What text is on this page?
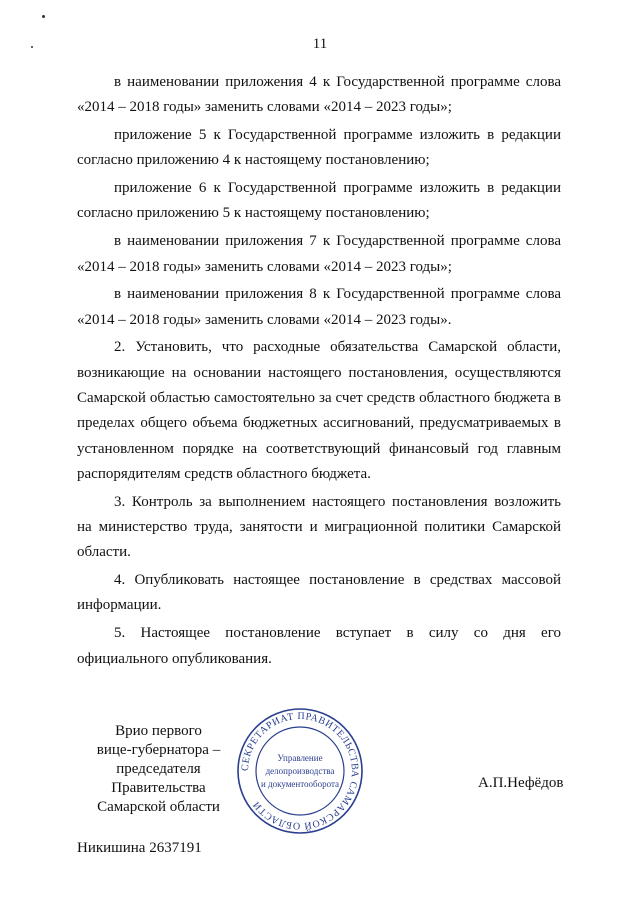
11

в наименовании приложения 4 к Государственной программе слова «2014 – 2018 годы» заменить словами «2014 – 2023 годы»;

приложение 5 к Государственной программе изложить в редакции согласно приложению 4 к настоящему постановлению;

приложение 6 к Государственной программе изложить в редакции согласно приложению 5 к настоящему постановлению;

в наименовании приложения 7 к Государственной программе слова «2014 – 2018 годы» заменить словами «2014 – 2023 годы»;

в наименовании приложения 8 к Государственной программе слова «2014 – 2018 годы» заменить словами «2014 – 2023 годы».

2. Установить, что расходные обязательства Самарской области, возникающие на основании настоящего постановления, осуществляются Самарской областью самостоятельно за счет средств областного бюджета в пределах общего объема бюджетных ассигнований, предусматриваемых в установленном порядке на соответствующий финансовый год главным распорядителям средств областного бюджета.

3. Контроль за выполнением настоящего постановления возложить на министерство труда, занятости и миграционной политики Самарской области.

4. Опубликовать настоящее постановление в средствах массовой информации.

5. Настоящее постановление вступает в силу со дня его официального опубликования.

Врио первого
вице-губернатора –
председателя Правительства
Самарской области
СЕКРЕТАРИАТ ПРАВИТЕЛЬСТВА САМАРСКОЙ ОБЛАСТИ
Управление
делопроизводства
и документооборота	А.П.Нефёдов
Никишина 2637191
